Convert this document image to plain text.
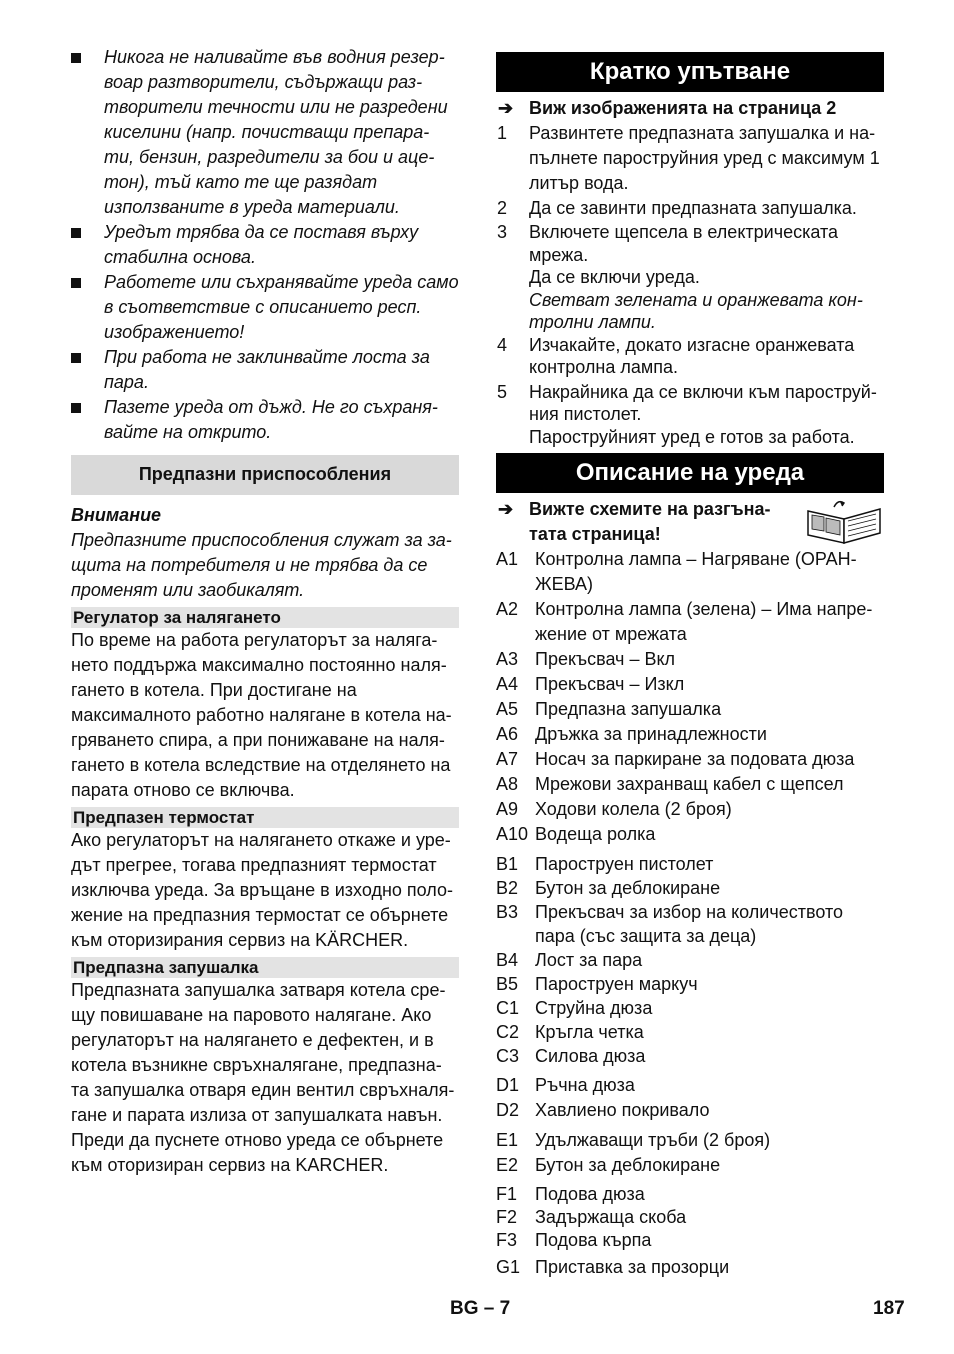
Никога не наливайте във водния резер-воар разтворители, съдържащи раз-творители течности или не разредени киселини (напр. почистващи препара-ти, бензин, разредители за бои и аце-тон), тъй като те ще разядат използваните в уреда материали.
Уредът трябва да се поставя върху стабилна основа.
Работете или съхранявайте уреда само в съответствие с описанието респ. изображението!
При работа не заклинвайте лоста за пара.
Пазете уреда от дъжд. Не го съхраня-вайте на открито.
Предпазни приспособления
Внимание

Предпазните приспособления служат за за-щита на потребителя и не трябва да се променят или заобикалят.

Регулатор за налягането

По време на работа регулаторът за наляга-нето поддържа максимално постоянно наля-гането в котела. При достигане на максималното работно налягане в котела на-гряването спира, а при понижаване на наля-гането в котела вследствие на отделянето на парата отново се включва.

Предпазен термостат

Ако регулаторът на налягането откаже и уре-дът прегрее, тогава предпазният термостат изключва уреда. За връщане в изходно поло-жение на предпазния термостат се обърнете към оторизирания сервиз на KÄRCHER.

Предпазна запушалка

Предпазната запушалка затваря котела сре-щу повишаване на паровото налягане. Ако регулаторът на налягането е дефектен, и в котела възникне свръхналягане, предпазна-та запушалка отваря един вентил свръхналя-гане и парата излиза от запушалката навън. Преди да пуснете отново уреда се обърнете към оторизиран сервиз на KARCHER.

Кратко упътване
➔ Виж изображенията на страница 2
1 Развинтете предпазната запушалка и на-пълнете пароструйния уред с максимум 1 литър вода.
2 Да се завинти предпазната запушалка.
3 Включете щепсела в електрическата мрежа.
Да се включи уреда.
Светват зелената и оранжевата кон-тролни лампи.
4 Изчакайте, докато изгасне оранжевата контролна лампа.
5 Накрайника да се включи към пароструй-ния пистолет.
Пароструйният уред е готов за работа.
Описание на уреда
➔ Вижте схемите на разгъна-тата страница!
A1 Контролна лампа – Нагряване (ОРАН-ЖЕВА)
A2 Контролна лампа (зелена) – Има напре-жение от мрежата
A3 Прекъсвач – Вкл
A4 Прекъсвач – Изкл
A5 Предпазна запушалка
A6 Дръжка за принадлежности
A7 Носач за паркиране за подовата дюза
A8 Мрежови захранващ кабел с щепсел
A9 Ходови колела (2 броя)
A10 Водеща ролка
B1 Пароструен пистолет
B2 Бутон за деблокиране
B3 Прекъсвач за избор на количеството пара (със защита за деца)
B4 Лост за пара
B5 Пароструен маркуч
C1 Струйна дюза
C2 Кръгла четка
C3 Силова дюза
D1 Ръчна дюза
D2 Хавлиено покривало
E1 Удължаващи тръби (2 броя)
E2 Бутон за деблокиране
F1 Подова дюза
F2 Задържаща скоба
F3 Подова кърпа
G1 Приставка за прозорци
BG – 7	187
